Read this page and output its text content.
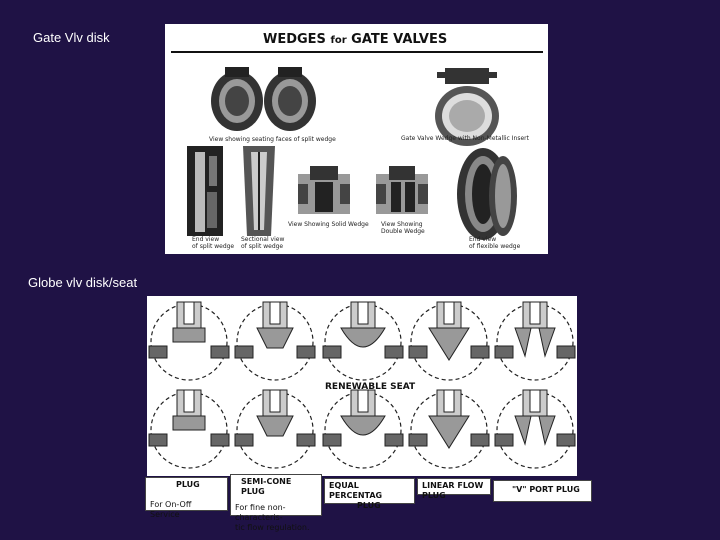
Gate Vlv disk
Globe vlv disk/seat
WEDGES for GATE VALVES
View showing seating faces of split wedge	Gate Valve Wedge with Non-Metallic Insert
End view
of split wedge
Sectional view
of split wedge
View Showing Solid Wedge View Showing
Double Wedge
End view
of flexible wedge
RENEWABLE SEAT
PLUG
For On-Off Service
SEMI-CONE PLUG
For fine non-characteris-
tic flow regulation.
EQUAL PERCENTAG
PLUG
LINEAR FLOW PLUG
"V" PORT PLUG
